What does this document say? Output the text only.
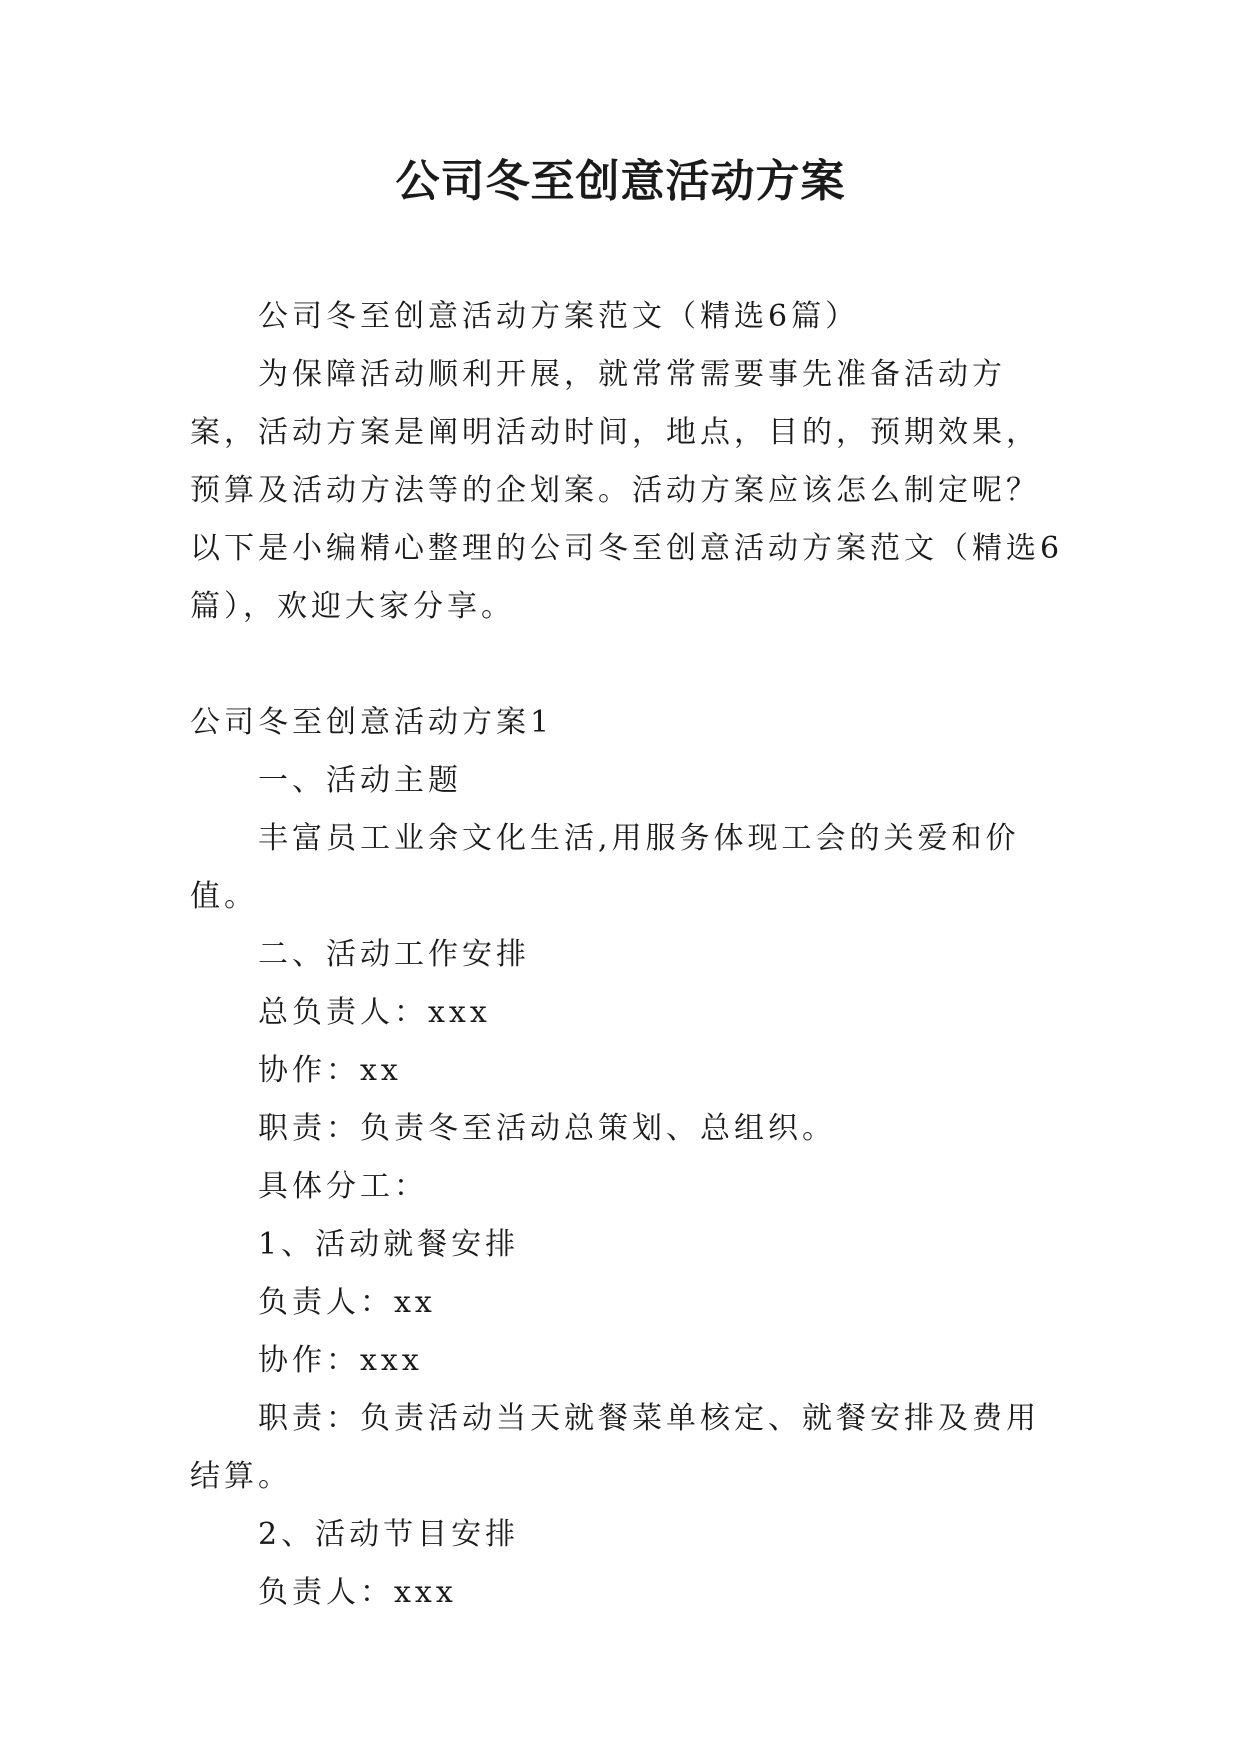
公司冬至创意活动方案

公司冬至创意活动方案范文（精选6篇）

为保障活动顺利开展，就常常需要事先准备活动方案，活动方案是阐明活动时间，地点，目的，预期效果，预算及活动方法等的企划案。活动方案应该怎么制定呢？以下是小编精心整理的公司冬至创意活动方案范文（精选6篇），欢迎大家分享。

公司冬至创意活动方案1

一、活动主题

丰富员工业余文化生活,用服务体现工会的关爱和价值。

二、活动工作安排

总负责人：xxx

协作：xx

职责：负责冬至活动总策划、总组织。

具体分工：

1、活动就餐安排

负责人：xx

协作：xxx

职责：负责活动当天就餐菜单核定、就餐安排及费用结算。

2、活动节目安排

负责人：xxx
